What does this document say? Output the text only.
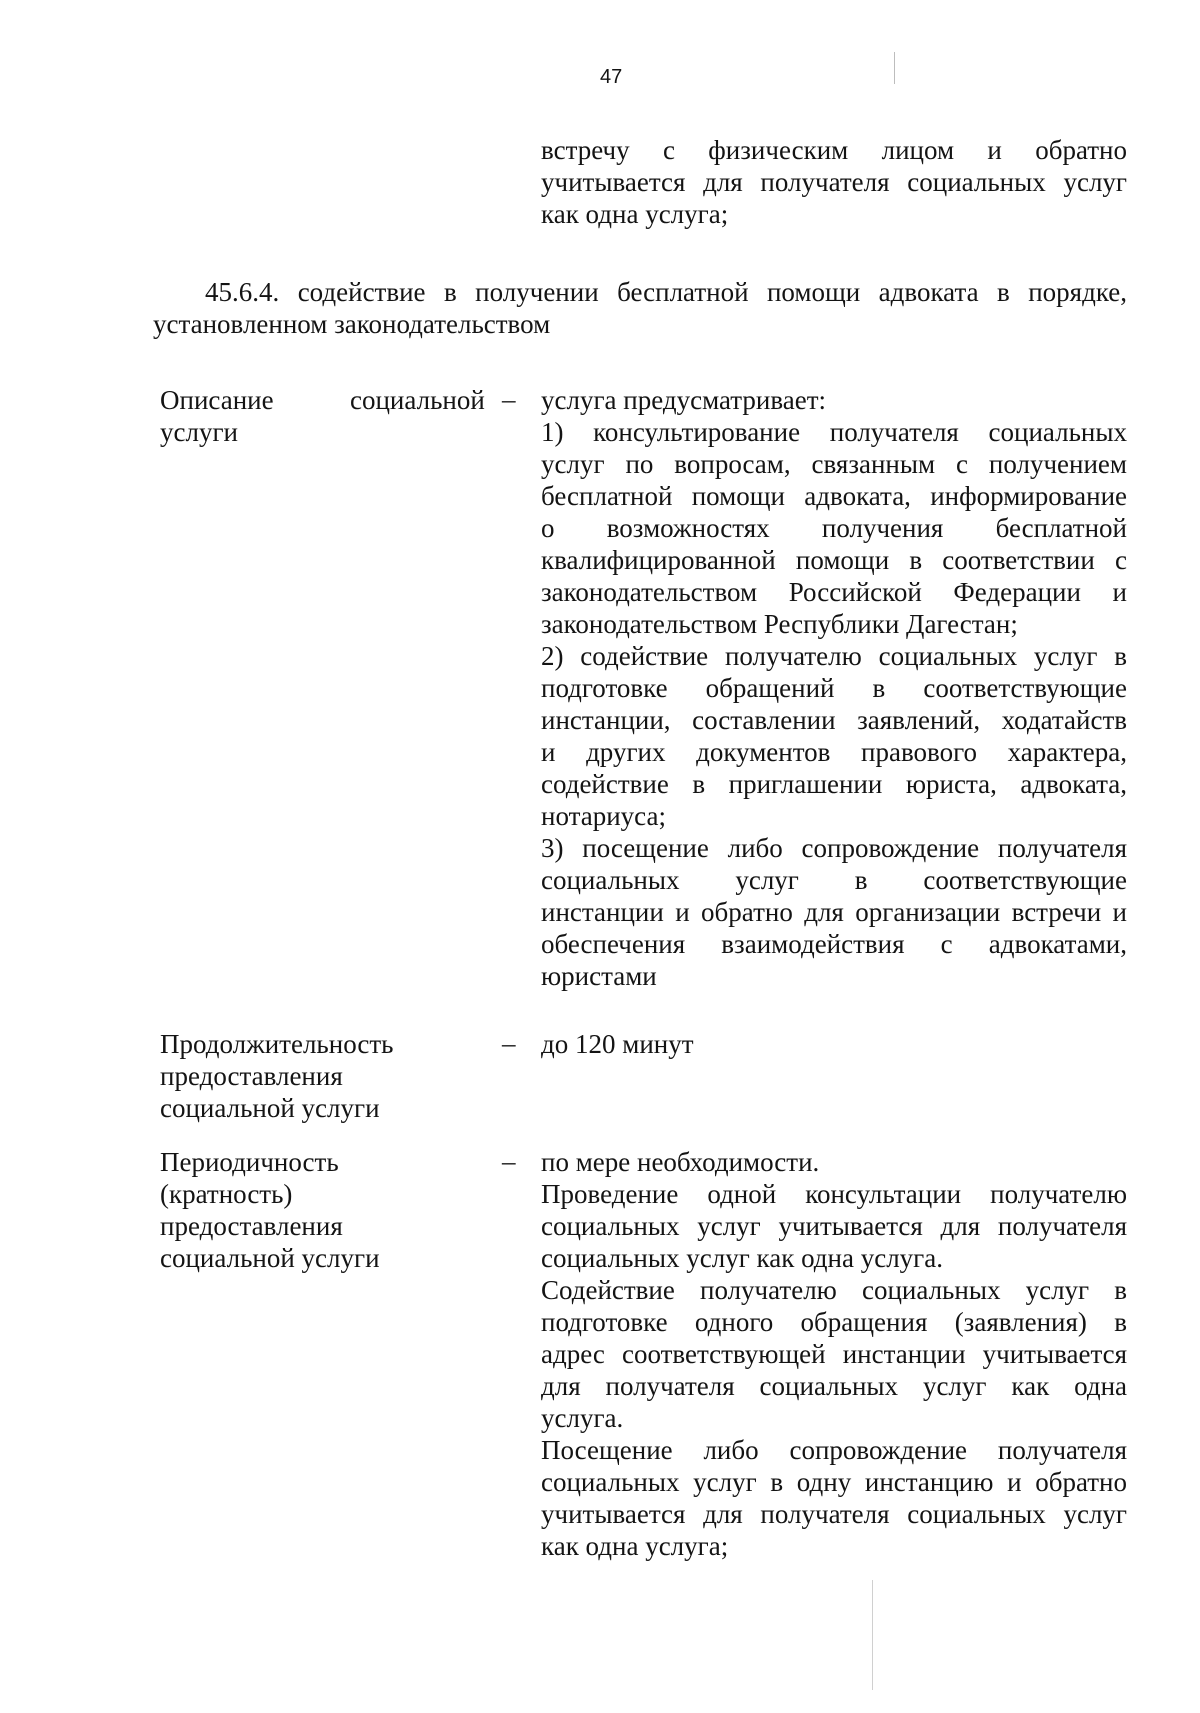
47
встречу с физическим лицом и обратно
учитывается для получателя социальных услуг
как одна услуга;
45.6.4. содействие в получении бесплатной помощи адвоката в порядке,
установленном законодательством
Описание	социальной
услуги
– услуга предусматривает:
1) консультирование получателя социальных
услуг по вопросам, связанным с получением
бесплатной помощи адвоката, информирование
о возможностях получения бесплатной
квалифицированной помощи в соответствии с
законодательством Российской Федерации и
законодательством Республики Дагестан;
2) содействие получателю социальных услуг в
подготовке обращений в соответствующие
инстанции, составлении заявлений, ходатайств
и других документов правового характера,
содействие в приглашении юриста, адвоката,
нотариуса;
3) посещение либо сопровождение получателя
социальных услуг в соответствующие
инстанции и обратно для организации встречи и
обеспечения взаимодействия с адвокатами,
юристами
Продолжительность
предоставления
социальной услуги
– до 120 минут
Периодичность
(кратность)
предоставления
социальной услуги
– по мере необходимости.
Проведение одной консультации получателю
социальных услуг учитывается для получателя
социальных услуг как одна услуга.
Содействие получателю социальных услуг в
подготовке одного обращения (заявления) в
адрес соответствующей инстанции учитывается
для получателя социальных услуг как одна
услуга.
Посещение либо сопровождение получателя
социальных услуг в одну инстанцию и обратно
учитывается для получателя социальных услуг
как одна услуга;
